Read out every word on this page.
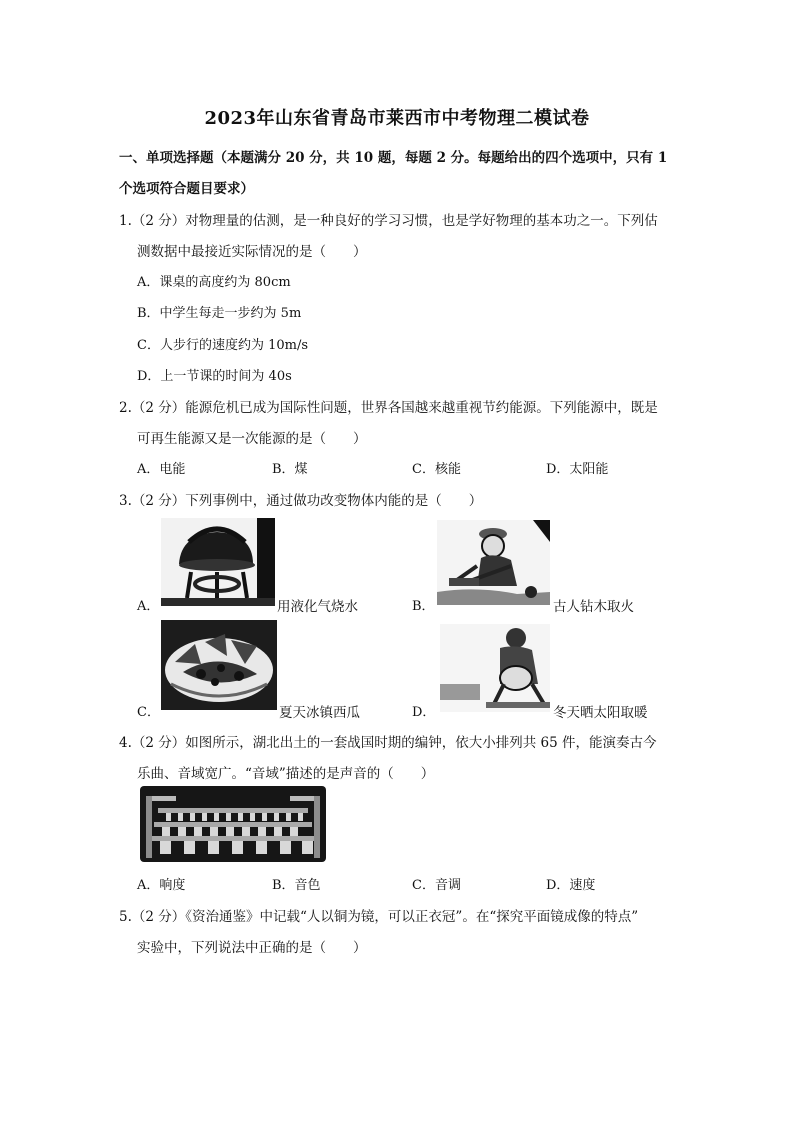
2023年山东省青岛市莱西市中考物理二模试卷
一、单项选择题（本题满分 20 分，共 10 题，每题 2 分。每题给出的四个选项中，只有 1
个选项符合题目要求）
1.（2 分）对物理量的估测，是一种良好的学习习惯，也是学好物理的基本功之一。下列估
测数据中最接近实际情况的是（　　）
A．课桌的高度约为 80cm
B．中学生每走一步约为 5m
C．人步行的速度约为 10m/s
D．上一节课的时间为 40s
2.（2 分）能源危机已成为国际性问题，世界各国越来越重视节约能源。下列能源中，既是
可再生能源又是一次能源的是（　　）
A．电能	B．煤	C．核能	D．太阳能
3.（2 分）下列事例中，通过做功改变物体内能的是（　　）
A．	用液化气烧水	B．	古人钻木取火
C．	夏天冰镇西瓜	D．	冬天晒太阳取暖
4.（2 分）如图所示，湖北出土的一套战国时期的编钟，依大小排列共 65 件，能演奏古今
乐曲、音域宽广。“音域”描述的是声音的（　　）
A．响度	B．音色	C．音调	D．速度
5.（2 分）《资治通鉴》中记载“人以铜为镜，可以正衣冠”。在“探究平面镜成像的特点”
实验中，下列说法中正确的是（　　）
